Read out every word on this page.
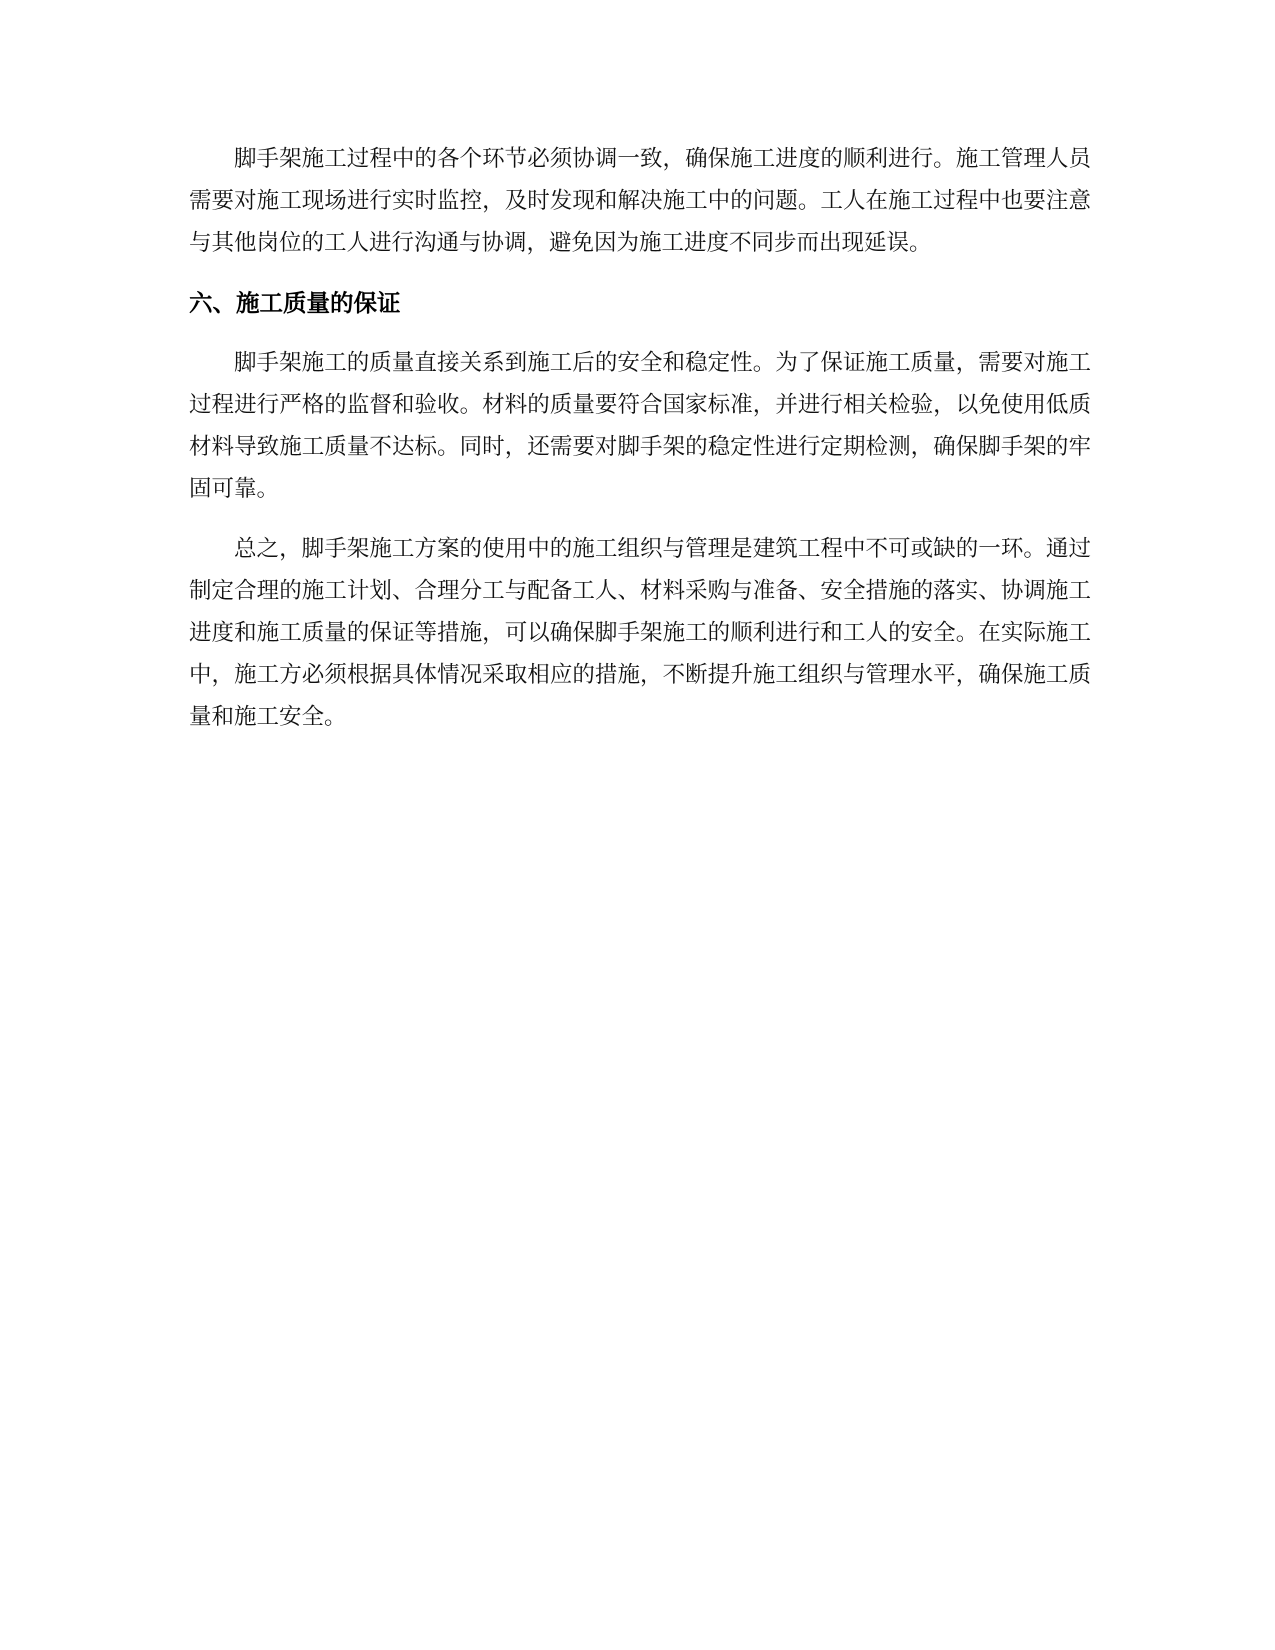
脚手架施工过程中的各个环节必须协调一致，确保施工进度的顺利进行。施工管理人员需要对施工现场进行实时监控，及时发现和解决施工中的问题。工人在施工过程中也要注意与其他岗位的工人进行沟通与协调，避免因为施工进度不同步而出现延误。

六、施工质量的保证

脚手架施工的质量直接关系到施工后的安全和稳定性。为了保证施工质量，需要对施工过程进行严格的监督和验收。材料的质量要符合国家标准，并进行相关检验，以免使用低质材料导致施工质量不达标。同时，还需要对脚手架的稳定性进行定期检测，确保脚手架的牢固可靠。

总之，脚手架施工方案的使用中的施工组织与管理是建筑工程中不可或缺的一环。通过制定合理的施工计划、合理分工与配备工人、材料采购与准备、安全措施的落实、协调施工进度和施工质量的保证等措施，可以确保脚手架施工的顺利进行和工人的安全。在实际施工中，施工方必须根据具体情况采取相应的措施，不断提升施工组织与管理水平，确保施工质量和施工安全。
